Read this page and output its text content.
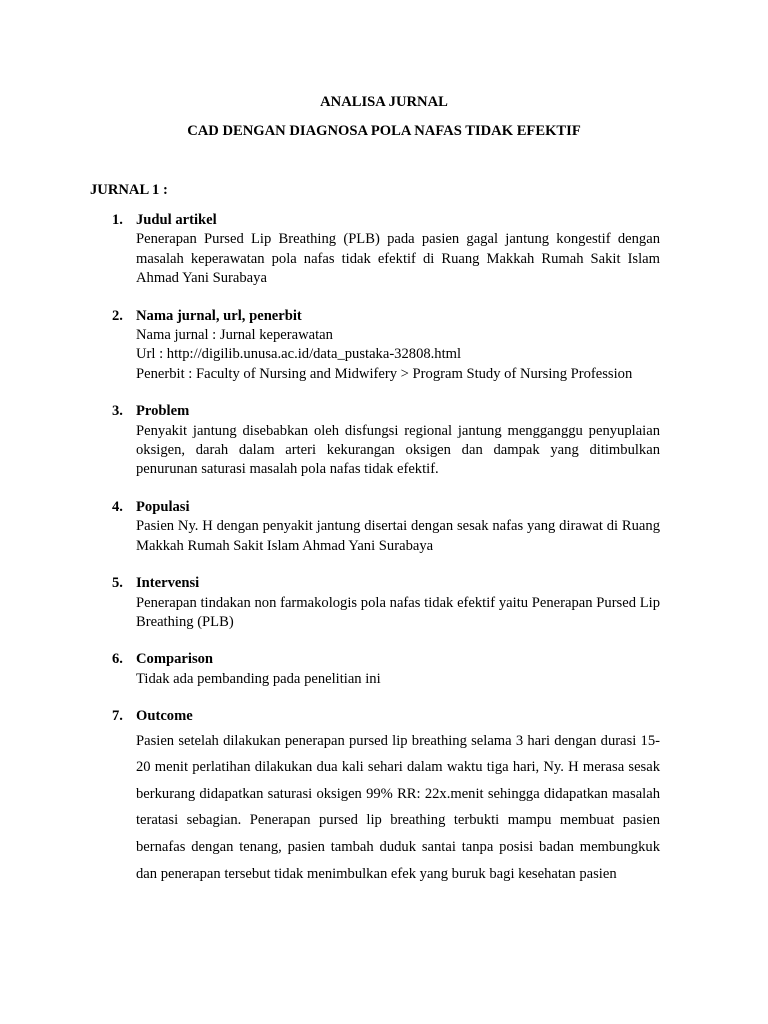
ANALISA JURNAL
CAD DENGAN DIAGNOSA POLA NAFAS TIDAK EFEKTIF

JURNAL 1 :

1. Judul artikel

Penerapan Pursed Lip Breathing (PLB) pada pasien gagal jantung kongestif dengan masalah keperawatan pola nafas tidak efektif di Ruang Makkah Rumah Sakit Islam Ahmad Yani Surabaya

2. Nama jurnal, url, penerbit

Nama jurnal : Jurnal keperawatan
Url : http://digilib.unusa.ac.id/data_pustaka-32808.html
Penerbit : Faculty of Nursing and Midwifery > Program Study of Nursing Profession
3. Problem

Penyakit jantung disebabkan oleh disfungsi regional jantung mengganggu penyuplaian oksigen, darah dalam arteri kekurangan oksigen dan dampak yang ditimbulkan penurunan saturasi masalah pola nafas tidak efektif.

4. Populasi

Pasien Ny. H dengan penyakit jantung disertai dengan sesak nafas yang dirawat di Ruang Makkah Rumah Sakit Islam Ahmad Yani Surabaya

5. Intervensi

Penerapan tindakan non farmakologis pola nafas tidak efektif yaitu Penerapan Pursed Lip Breathing (PLB)

6. Comparison

Tidak ada pembanding pada penelitian ini

7. Outcome

Pasien setelah dilakukan penerapan pursed lip breathing selama 3 hari dengan durasi 15-20 menit perlatihan dilakukan dua kali sehari dalam waktu tiga hari, Ny. H merasa sesak berkurang didapatkan saturasi oksigen 99% RR: 22x.menit sehingga didapatkan masalah teratasi sebagian. Penerapan pursed lip breathing terbukti mampu membuat pasien bernafas dengan tenang, pasien tambah duduk santai tanpa posisi badan membungkuk dan penerapan tersebut tidak menimbulkan efek yang buruk bagi kesehatan pasien
